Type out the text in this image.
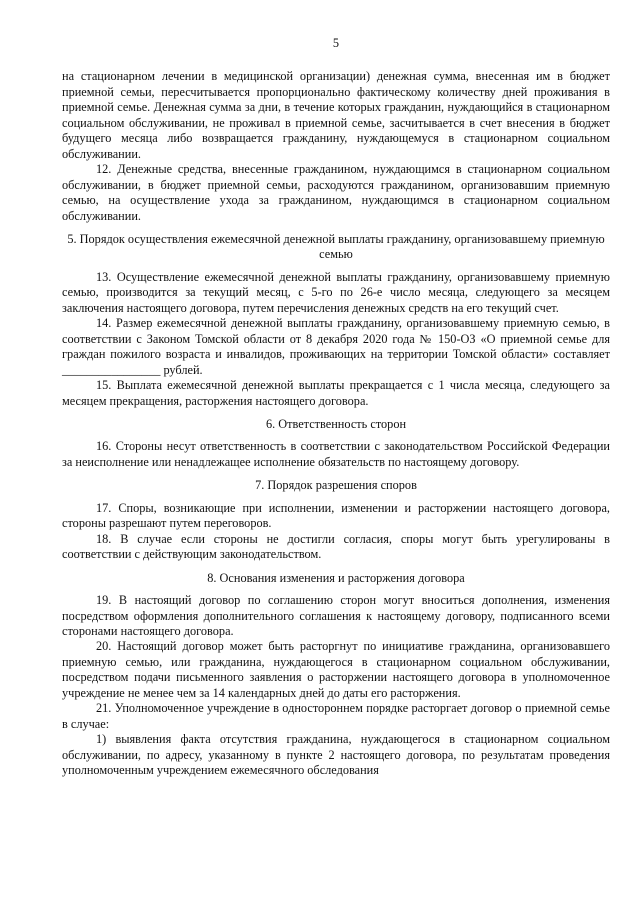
5

на стационарном лечении в медицинской организации) денежная сумма, внесенная им в бюджет приемной семьи, пересчитывается пропорционально фактическому количеству дней проживания в приемной семье. Денежная сумма за дни, в течение которых гражданин, нуждающийся в стационарном социальном обслуживании, не проживал в приемной семье, засчитывается в счет внесения в бюджет будущего месяца либо возвращается гражданину, нуждающемуся в стационарном социальном обслуживании.

12. Денежные средства, внесенные гражданином, нуждающимся в стационарном социальном обслуживании, в бюджет приемной семьи, расходуются гражданином, организовавшим приемную семью, на осуществление ухода за гражданином, нуждающимся в стационарном социальном обслуживании.

5. Порядок осуществления ежемесячной денежной выплаты гражданину, организовавшему приемную семью

13. Осуществление ежемесячной денежной выплаты гражданину, организовавшему приемную семью, производится за текущий месяц, с 5-го по 26-е число месяца, следующего за месяцем заключения настоящего договора, путем перечисления денежных средств на его текущий счет.

14. Размер ежемесячной денежной выплаты гражданину, организовавшему приемную семью, в соответствии с Законом Томской области от 8 декабря 2020 года № 150-ОЗ «О приемной семье для граждан пожилого возраста и инвалидов, проживающих на территории Томской области» составляет ________________ рублей.

15. Выплата ежемесячной денежной выплаты прекращается с 1 числа месяца, следующего за месяцем прекращения, расторжения настоящего договора.

6. Ответственность сторон

16. Стороны несут ответственность в соответствии с законодательством Российской Федерации за неисполнение или ненадлежащее исполнение обязательств по настоящему договору.

7. Порядок разрешения споров

17. Споры, возникающие при исполнении, изменении и расторжении настоящего договора, стороны разрешают путем переговоров.

18. В случае если стороны не достигли согласия, споры могут быть урегулированы в соответствии с действующим законодательством.

8. Основания изменения и расторжения договора

19. В настоящий договор по соглашению сторон могут вноситься дополнения, изменения посредством оформления дополнительного соглашения к настоящему договору, подписанного всеми сторонами настоящего договора.

20. Настоящий договор может быть расторгнут по инициативе гражданина, организовавшего приемную семью, или гражданина, нуждающегося в стационарном социальном обслуживании, посредством подачи письменного заявления о расторжении настоящего договора в уполномоченное учреждение не менее чем за 14 календарных дней до даты его расторжения.

21. Уполномоченное учреждение в одностороннем порядке расторгает договор о приемной семье в случае:

1) выявления факта отсутствия гражданина, нуждающегося в стационарном социальном обслуживании, по адресу, указанному в пункте 2 настоящего договора, по результатам проведения уполномоченным учреждением ежемесячного обследования
